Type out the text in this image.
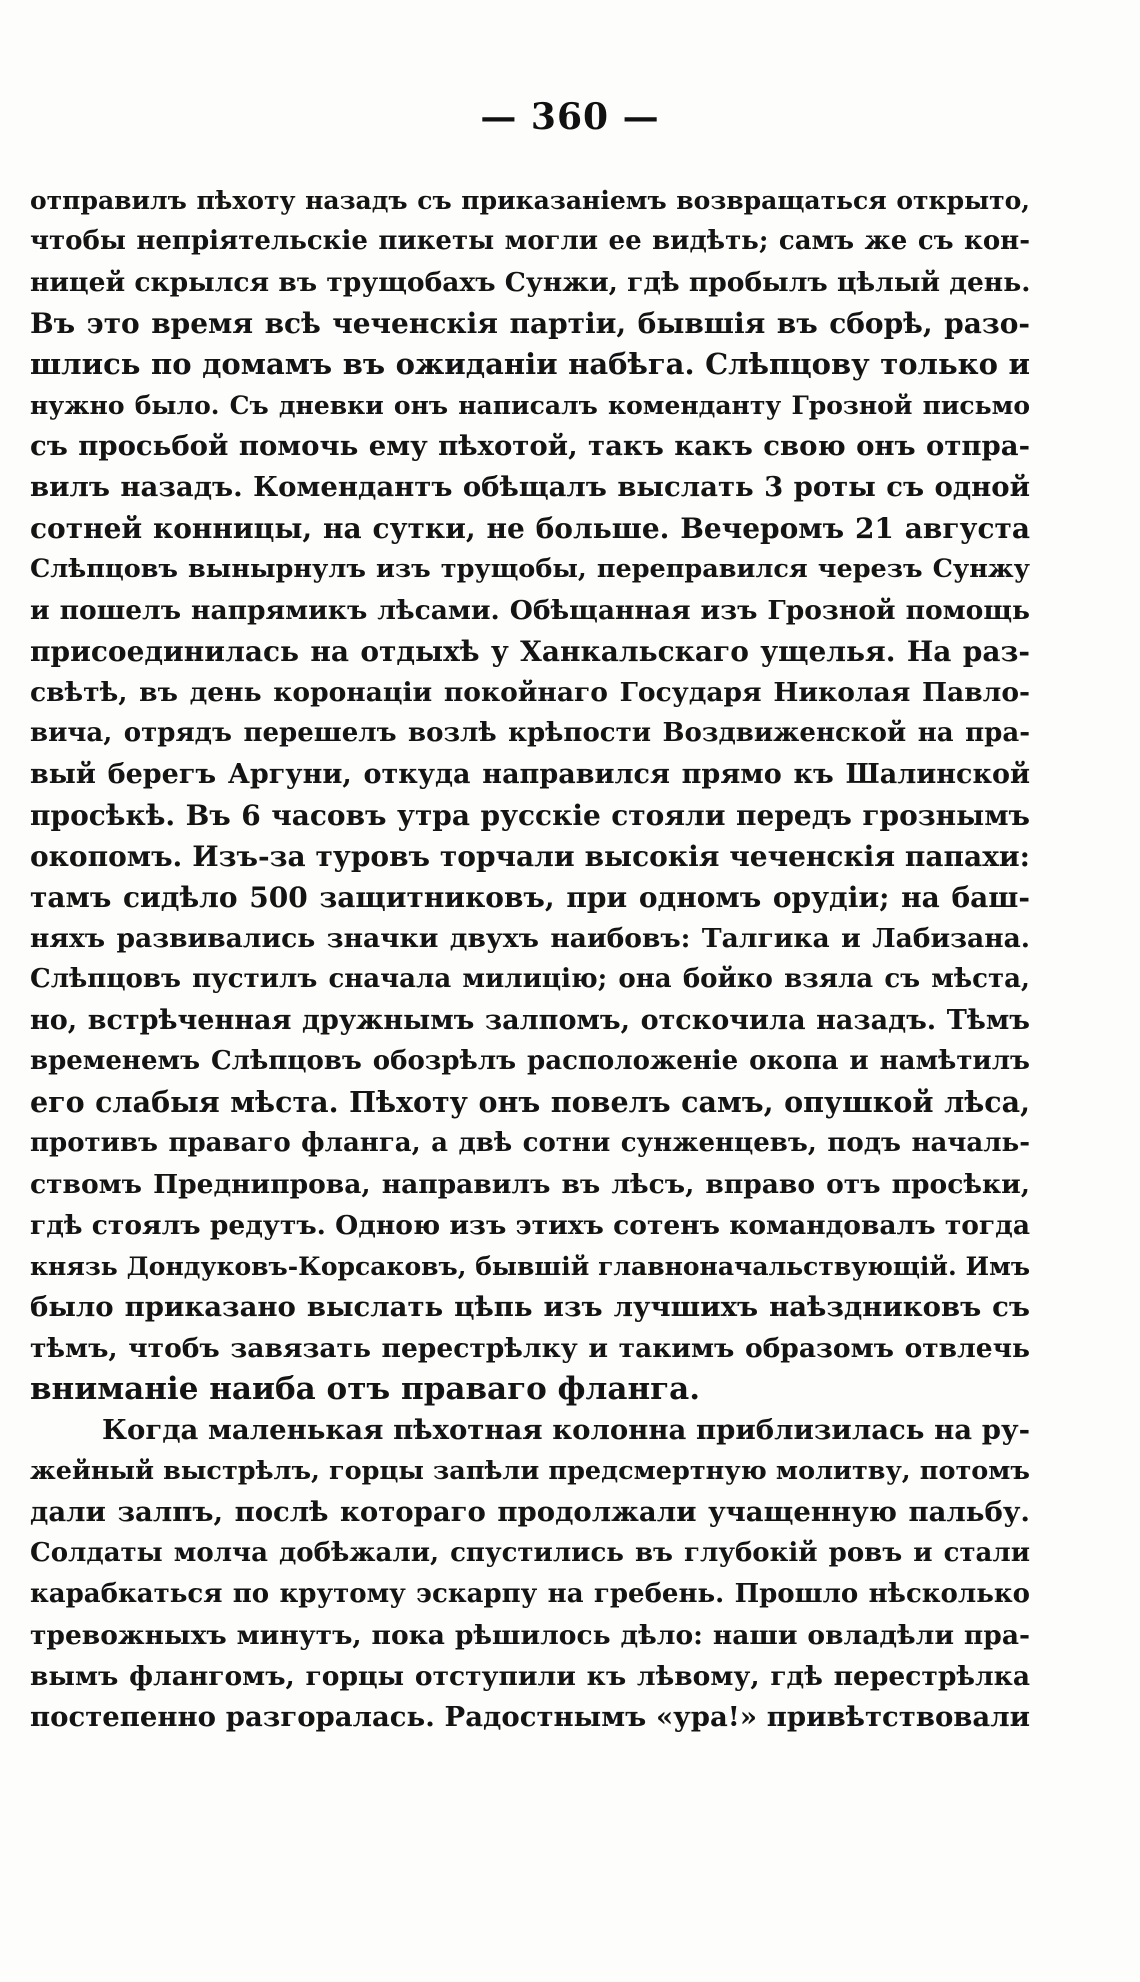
— 360 —
отправилъ пѣхоту назадъ съ приказаніемъ возвращаться открыто,
чтобы непріятельскіе пикеты могли ее видѣть; самъ же съ кон-
ницей скрылся въ трущобахъ Сунжи, гдѣ пробылъ цѣлый день.
Въ это время всѣ чеченскія партіи, бывшія въ сборѣ, разо-
шлись по домамъ въ ожиданіи набѣга. Слѣпцову только и
нужно было. Съ дневки онъ написалъ коменданту Грозной письмо
съ просьбой помочь ему пѣхотой, такъ какъ свою онъ отпра-
вилъ назадъ. Комендантъ обѣщалъ выслать 3 роты съ одной
сотней конницы, на сутки, не больше. Вечеромъ 21 августа
Слѣпцовъ вынырнулъ изъ трущобы, переправился черезъ Сунжу
и пошелъ напрямикъ лѣсами. Обѣщанная изъ Грозной помощь
присоединилась на отдыхѣ у Ханкальскаго ущелья. На раз-
свѣтѣ, въ день коронаціи покойнаго Государя Николая Павло-
вича, отрядъ перешелъ возлѣ крѣпости Воздвиженской на пра-
вый берегъ Аргуни, откуда направился прямо къ Шалинской
просѣкѣ. Въ 6 часовъ утра русскіе стояли передъ грознымъ
окопомъ. Изъ-за туровъ торчали высокія чеченскія папахи:
тамъ сидѣло 500 защитниковъ, при одномъ орудіи; на баш-
няхъ развивались значки двухъ наибовъ: Талгика и Лабизана.
Слѣпцовъ пустилъ сначала милицію; она бойко взяла съ мѣста,
но, встрѣченная дружнымъ залпомъ, отскочила назадъ. Тѣмъ
временемъ Слѣпцовъ обозрѣлъ расположеніе окопа и намѣтилъ
его слабыя мѣста. Пѣхоту онъ повелъ самъ, опушкой лѣса,
противъ праваго фланга, а двѣ сотни сунженцевъ, подъ началь-
ствомъ Преднипрова, направилъ въ лѣсъ, вправо отъ просѣки,
гдѣ стоялъ редутъ. Одною изъ этихъ сотенъ командовалъ тогда
князь Дондуковъ-Корсаковъ, бывшій главноначальствующій. Имъ
было приказано выслать цѣпь изъ лучшихъ наѣздниковъ съ
тѣмъ, чтобъ завязать перестрѣлку и такимъ образомъ отвлечь
вниманіе наиба отъ праваго фланга.
Когда маленькая пѣхотная колонна приблизилась на ру-
жейный выстрѣлъ, горцы запѣли предсмертную молитву, потомъ
дали залпъ, послѣ котораго продолжали учащенную пальбу.
Солдаты молча добѣжали, спустились въ глубокій ровъ и стали
карабкаться по крутому эскарпу на гребень. Прошло нѣсколько
тревожныхъ минутъ, пока рѣшилось дѣло: наши овладѣли пра-
вымъ флангомъ, горцы отступили къ лѣвому, гдѣ перестрѣлка
постепенно разгоралась. Радостнымъ «ура!» привѣтствовали
